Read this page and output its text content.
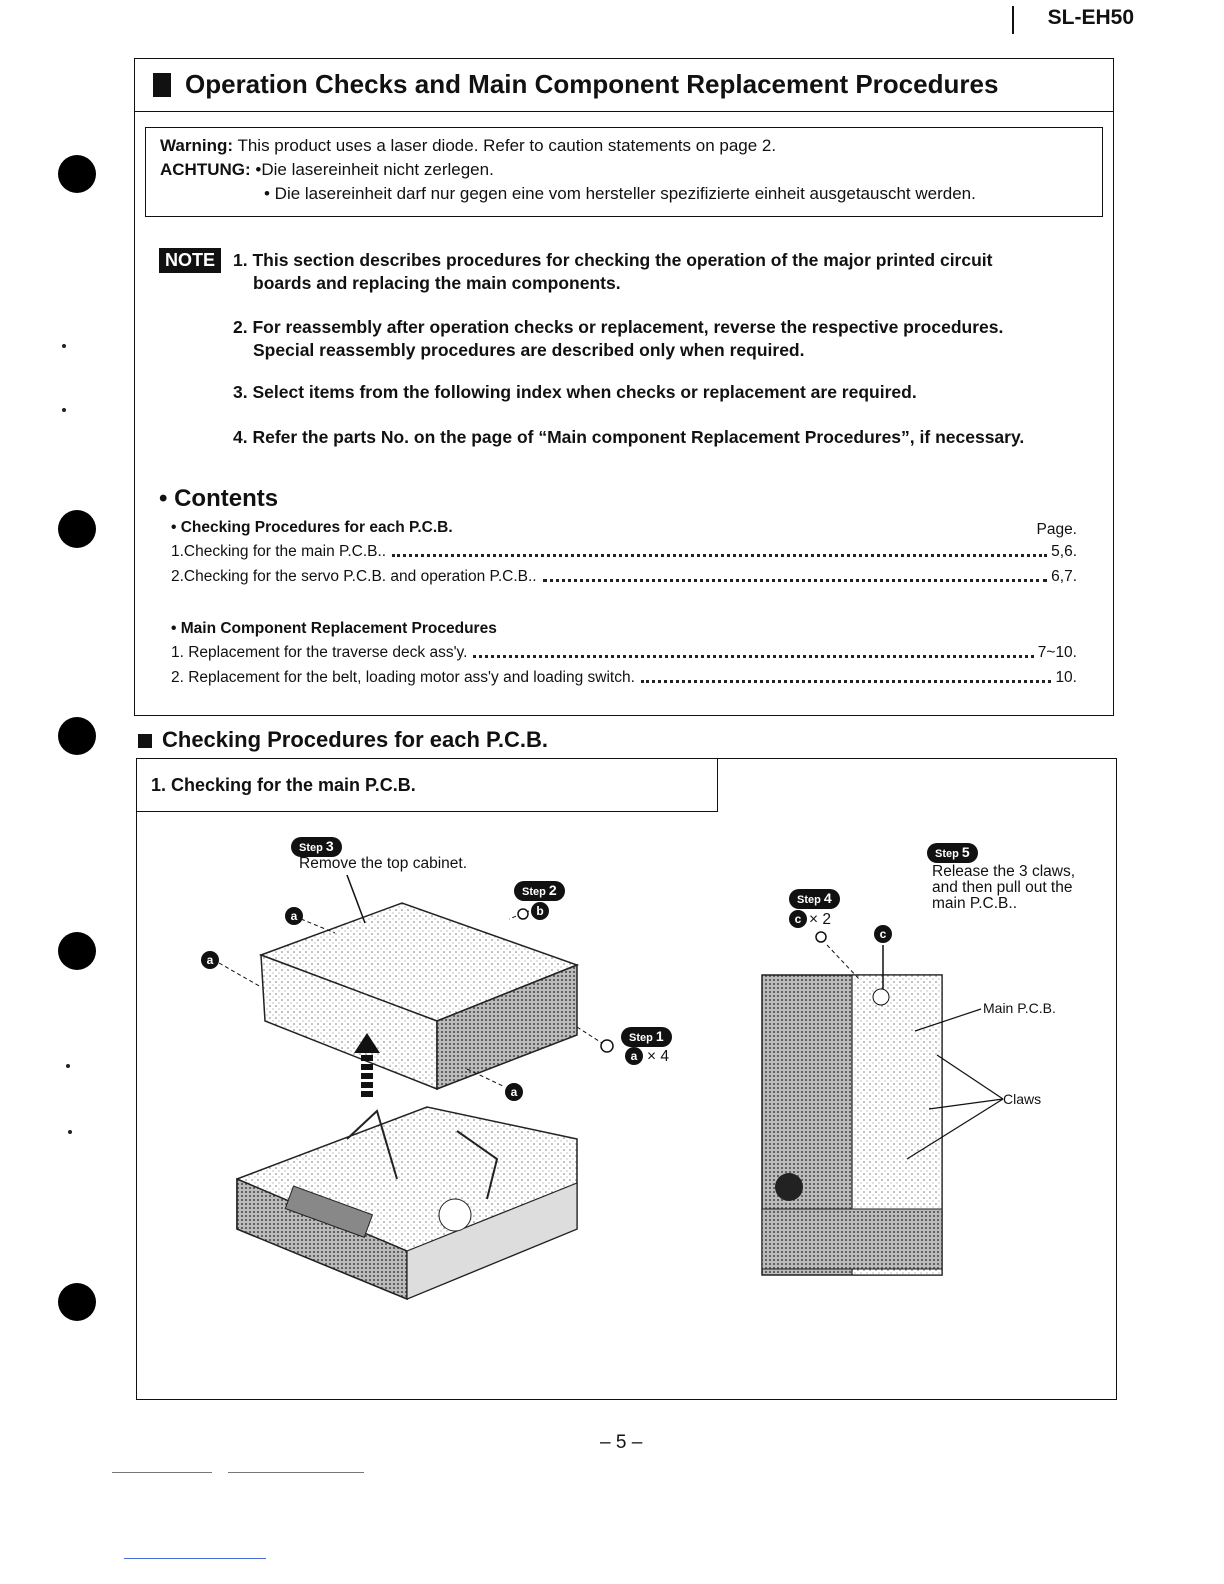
SL-EH50
Operation Checks and Main Component Replacement Procedures
Warning: This product uses a laser diode. Refer to caution statements on page 2.
ACHTUNG: •Die lasereinheit nicht zerlegen.
• Die lasereinheit darf nur gegen eine vom hersteller spezifizierte einheit ausgetauscht werden.
NOTE	1. This section describes procedures for checking the operation of the major printed circuit
boards and replacing the main components.
2. For reassembly after operation checks or replacement, reverse the respective procedures.
Special reassembly procedures are described only when required.
3. Select items from the following index when checks or replacement are required.
4. Refer the parts No. on the page of “Main component Replacement Procedures”, if necessary.
• Contents
• Checking Procedures for each P.C.B.	Page.
1.Checking for the main P.C.B..	5,6.
2.Checking for the servo P.C.B. and operation P.C.B..	6,7.
• Main Component Replacement Procedures
1. Replacement for the traverse deck ass'y.	7~10.
2. Replacement for the belt, loading motor ass'y and loading switch.	10.
Checking Procedures for each P.C.B.
1. Checking for the main P.C.B.
Step 3
Remove the top cabinet.
Step 2
b
a
a
Step 1
a × 4
a
Step 5
Release the 3 claws,
and then pull out the
main P.C.B..
Step 4
c × 2
c
Main P.C.B.
Claws
– 5 –
